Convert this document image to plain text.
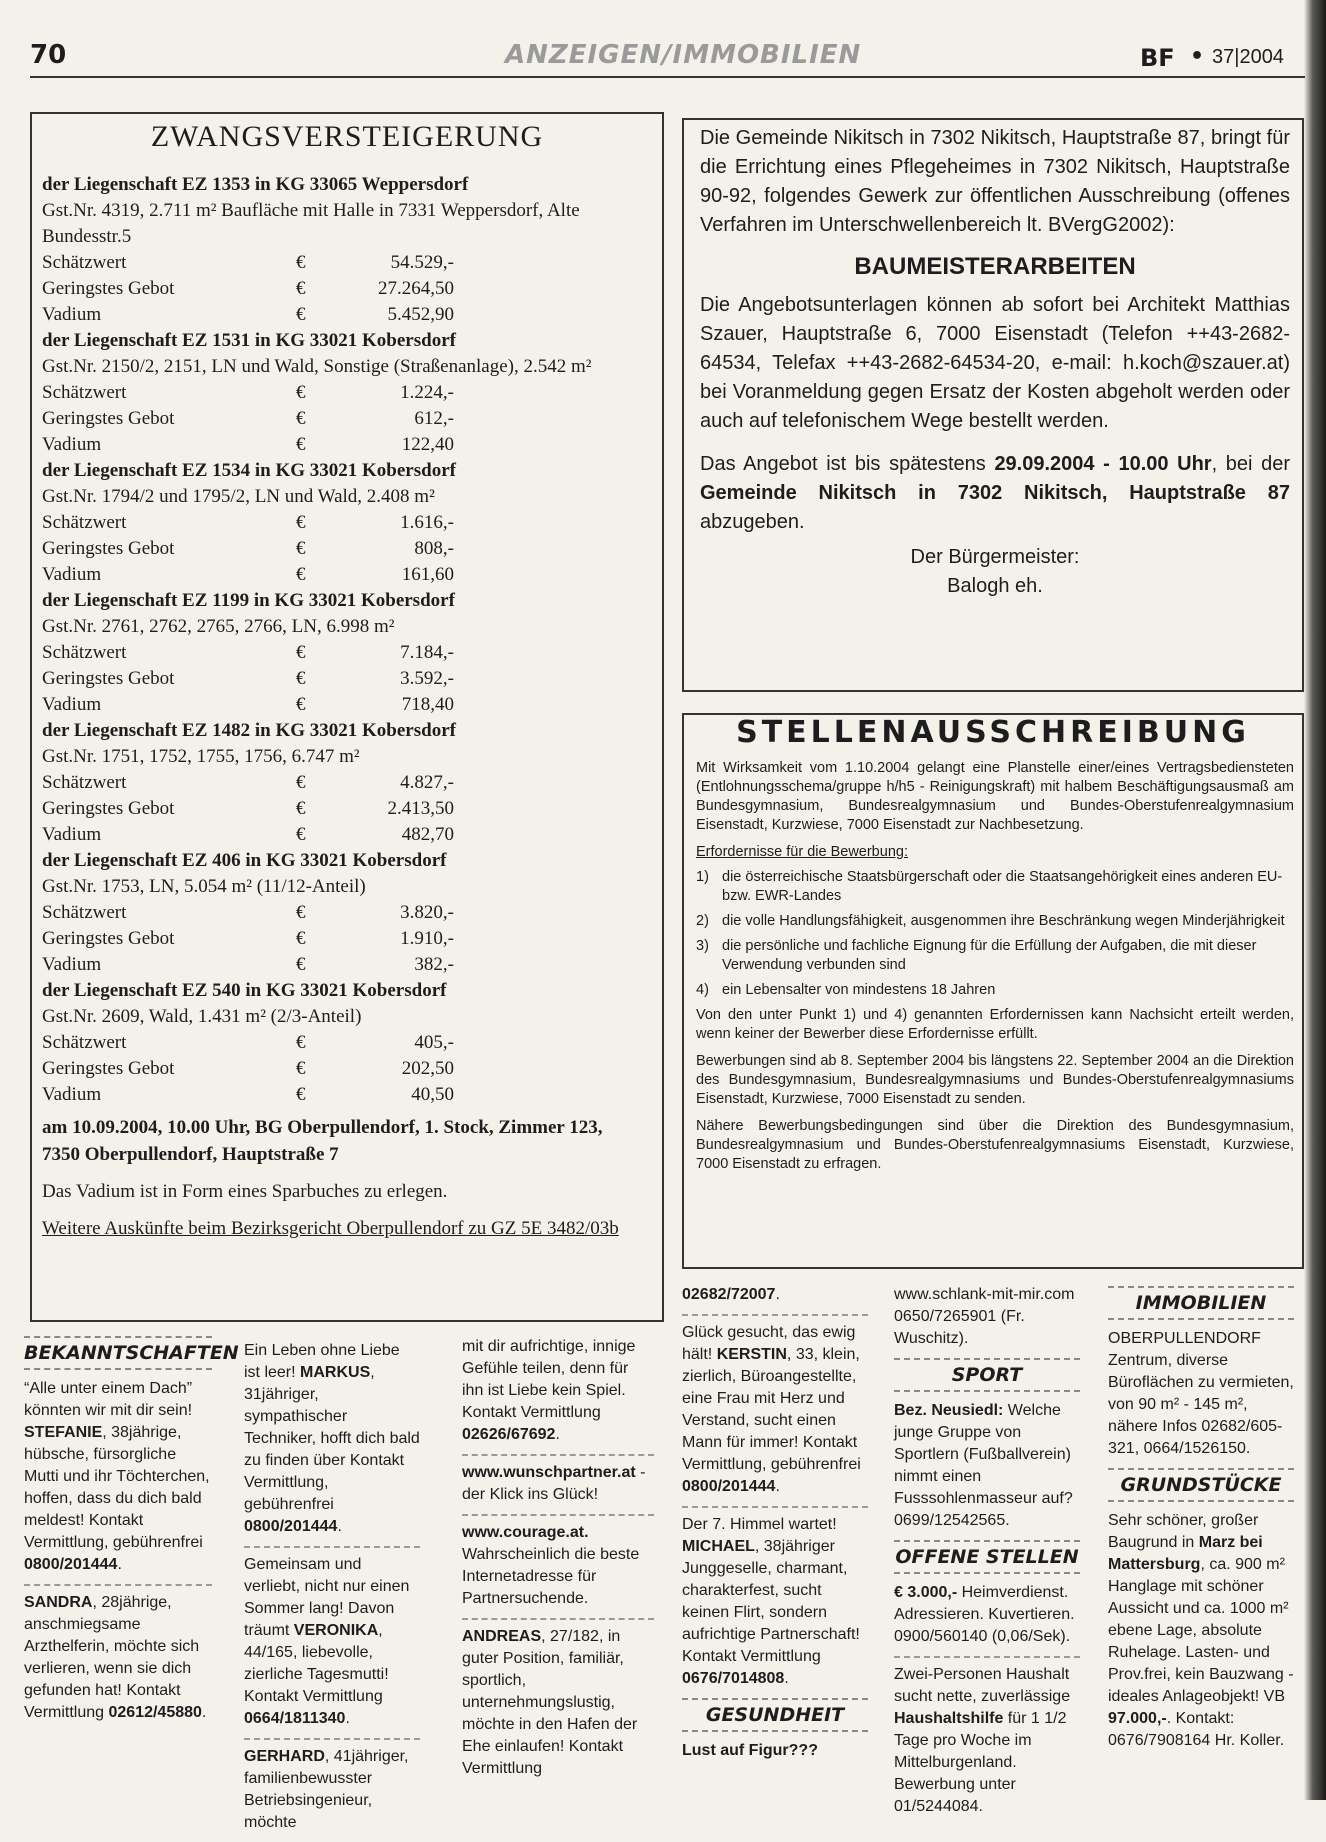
70	ANZEIGEN/IMMOBILIEN	BF • 37|2004
ZWANGSVERSTEIGERUNG
der Liegenschaft EZ 1353 in KG 33065 Weppersdorf
Gst.Nr. 4319, 2.711 m² Baufläche mit Halle in 7331 Weppersdorf, Alte Bundesstr.5
Schätzwert	€	54.529,-
Geringstes Gebot	€	27.264,50
Vadium	€	5.452,90
der Liegenschaft EZ 1531 in KG 33021 Kobersdorf
Gst.Nr. 2150/2, 2151, LN und Wald, Sonstige (Straßenanlage), 2.542 m²
Schätzwert	€	1.224,-
Geringstes Gebot	€	612,-
Vadium	€	122,40
der Liegenschaft EZ 1534 in KG 33021 Kobersdorf
Gst.Nr. 1794/2 und 1795/2, LN und Wald, 2.408 m²
Schätzwert	€	1.616,-
Geringstes Gebot	€	808,-
Vadium	€	161,60
der Liegenschaft EZ 1199 in KG 33021 Kobersdorf
Gst.Nr. 2761, 2762, 2765, 2766, LN, 6.998 m²
Schätzwert	€	7.184,-
Geringstes Gebot	€	3.592,-
Vadium	€	718,40
der Liegenschaft EZ 1482 in KG 33021 Kobersdorf
Gst.Nr. 1751, 1752, 1755, 1756, 6.747 m²
Schätzwert	€	4.827,-
Geringstes Gebot	€	2.413,50
Vadium	€	482,70
der Liegenschaft EZ 406 in KG 33021 Kobersdorf
Gst.Nr. 1753, LN, 5.054 m² (11/12-Anteil)
Schätzwert	€	3.820,-
Geringstes Gebot	€	1.910,-
Vadium	€	382,-
der Liegenschaft EZ 540 in KG 33021 Kobersdorf
Gst.Nr. 2609, Wald, 1.431 m² (2/3-Anteil)
Schätzwert	€	405,-
Geringstes Gebot	€	202,50
Vadium	€	40,50

am 10.09.2004, 10.00 Uhr, BG Oberpullendorf, 1. Stock, Zimmer 123, 7350 Oberpullendorf, Hauptstraße 7

Das Vadium ist in Form eines Sparbuches zu erlegen.

Weitere Auskünfte beim Bezirksgericht Oberpullendorf zu GZ 5E 3482/03b

Die Gemeinde Nikitsch in 7302 Nikitsch, Hauptstraße 87, bringt für die Errichtung eines Pflegeheimes in 7302 Nikitsch, Hauptstraße 90-92, folgendes Gewerk zur öffentlichen Ausschreibung (offenes Verfahren im Unterschwellenbereich lt. BVergG2002):

BAUMEISTERARBEITEN

Die Angebotsunterlagen können ab sofort bei Architekt Matthias Szauer, Hauptstraße 6, 7000 Eisenstadt (Telefon ++43-2682-64534, Telefax ++43-2682-64534-20, e-mail: h.koch@szauer.at) bei Voranmeldung gegen Ersatz der Kosten abgeholt werden oder auch auf telefonischem Wege bestellt werden.

Das Angebot ist bis spätestens 29.09.2004 - 10.00 Uhr, bei der Gemeinde Nikitsch in 7302 Nikitsch, Hauptstraße 87 abzugeben.

Der Bürgermeister:

Balogh eh.

STELLENAUSSCHREIBUNG

Mit Wirksamkeit vom 1.10.2004 gelangt eine Planstelle einer/eines Vertragsbediensteten (Entlohnungsschema/gruppe h/h5 - Reinigungskraft) mit halbem Beschäftigungsausmaß am Bundesgymnasium, Bundesrealgymnasium und Bundes-Oberstufenrealgymnasium Eisenstadt, Kurzwiese, 7000 Eisenstadt zur Nachbesetzung.

Erfordernisse für die Bewerbung:

1) die österreichische Staatsbürgerschaft oder die Staatsangehörigkeit eines anderen EU- bzw. EWR-Landes
2) die volle Handlungsfähigkeit, ausgenommen ihre Beschränkung wegen Minderjährigkeit
3) die persönliche und fachliche Eignung für die Erfüllung der Aufgaben, die mit dieser Verwendung verbunden sind
4) ein Lebensalter von mindestens 18 Jahren

Von den unter Punkt 1) und 4) genannten Erfordernissen kann Nachsicht erteilt werden, wenn keiner der Bewerber diese Erfordernisse erfüllt.

Bewerbungen sind ab 8. September 2004 bis längstens 22. September 2004 an die Direktion des Bundesgymnasium, Bundesrealgymnasiums und Bundes-Oberstufenrealgymnasiums Eisenstadt, Kurzwiese, 7000 Eisenstadt zu senden.

Nähere Bewerbungsbedingungen sind über die Direktion des Bundesgymnasium, Bundesrealgymnasium und Bundes-Oberstufenrealgymnasiums Eisenstadt, Kurzwiese, 7000 Eisenstadt zu erfragen.

BEKANNTSCHAFTEN

“Alle unter einem Dach” könnten wir mit dir sein! STEFANIE, 38jährige, hübsche, fürsorgliche Mutti und ihr Töchterchen, hoffen, dass du dich bald meldest! Kontakt Vermittlung, gebührenfrei 0800/201444.

SANDRA, 28jährige, anschmiegsame Arzthelferin, möchte sich verlieren, wenn sie dich gefunden hat! Kontakt Vermittlung 02612/45880.

Ein Leben ohne Liebe ist leer! MARKUS, 31jähriger, sympathischer Techniker, hofft dich bald zu finden über Kontakt Vermittlung, gebührenfrei 0800/201444.

Gemeinsam und verliebt, nicht nur einen Sommer lang! Davon träumt VERONIKA, 44/165, liebevolle, zierliche Tagesmutti! Kontakt Vermittlung 0664/1811340.

GERHARD, 41jähriger, familienbewusster Betriebsingenieur, möchte

mit dir aufrichtige, innige Gefühle teilen, denn für ihn ist Liebe kein Spiel. Kontakt Vermittlung 02626/67692.

www.wunschpartner.at - der Klick ins Glück!

www.courage.at. Wahrscheinlich die beste Internetadresse für Partnersuchende.

ANDREAS, 27/182, in guter Position, familiär, sportlich, unternehmungslustig, möchte in den Hafen der Ehe einlaufen! Kontakt Vermittlung

02682/72007.

Glück gesucht, das ewig hält! KERSTIN, 33, klein, zierlich, Büroangestellte, eine Frau mit Herz und Verstand, sucht einen Mann für immer! Kontakt Vermittlung, gebührenfrei 0800/201444.

Der 7. Himmel wartet! MICHAEL, 38jähriger Junggeselle, charmant, charakterfest, sucht keinen Flirt, sondern aufrichtige Partnerschaft! Kontakt Vermittlung 0676/7014808.

GESUNDHEIT

Lust auf Figur???

www.schlank-mit-mir.com 0650/7265901 (Fr. Wuschitz).

SPORT

Bez. Neusiedl: Welche junge Gruppe von Sportlern (Fußballverein) nimmt einen Fusssohlenmasseur auf? 0699/12542565.

OFFENE STELLEN

€ 3.000,- Heimverdienst. Adressieren. Kuvertieren. 0900/560140 (0,06/Sek).

Zwei-Personen Haushalt sucht nette, zuverlässige Haushaltshilfe für 1 1/2 Tage pro Woche im Mittelburgenland. Bewerbung unter 01/5244084.

IMMOBILIEN

OBERPULLENDORF Zentrum, diverse Büroflächen zu vermieten, von 90 m² - 145 m², nähere Infos 02682/605-321, 0664/1526150.

GRUNDSTÜCKE

Sehr schöner, großer Baugrund in Marz bei Mattersburg, ca. 900 m² Hanglage mit schöner Aussicht und ca. 1000 m² ebene Lage, absolute Ruhelage. Lasten- und Prov.frei, kein Bauzwang - ideales Anlageobjekt! VB 97.000,-. Kontakt: 0676/7908164 Hr. Koller.
